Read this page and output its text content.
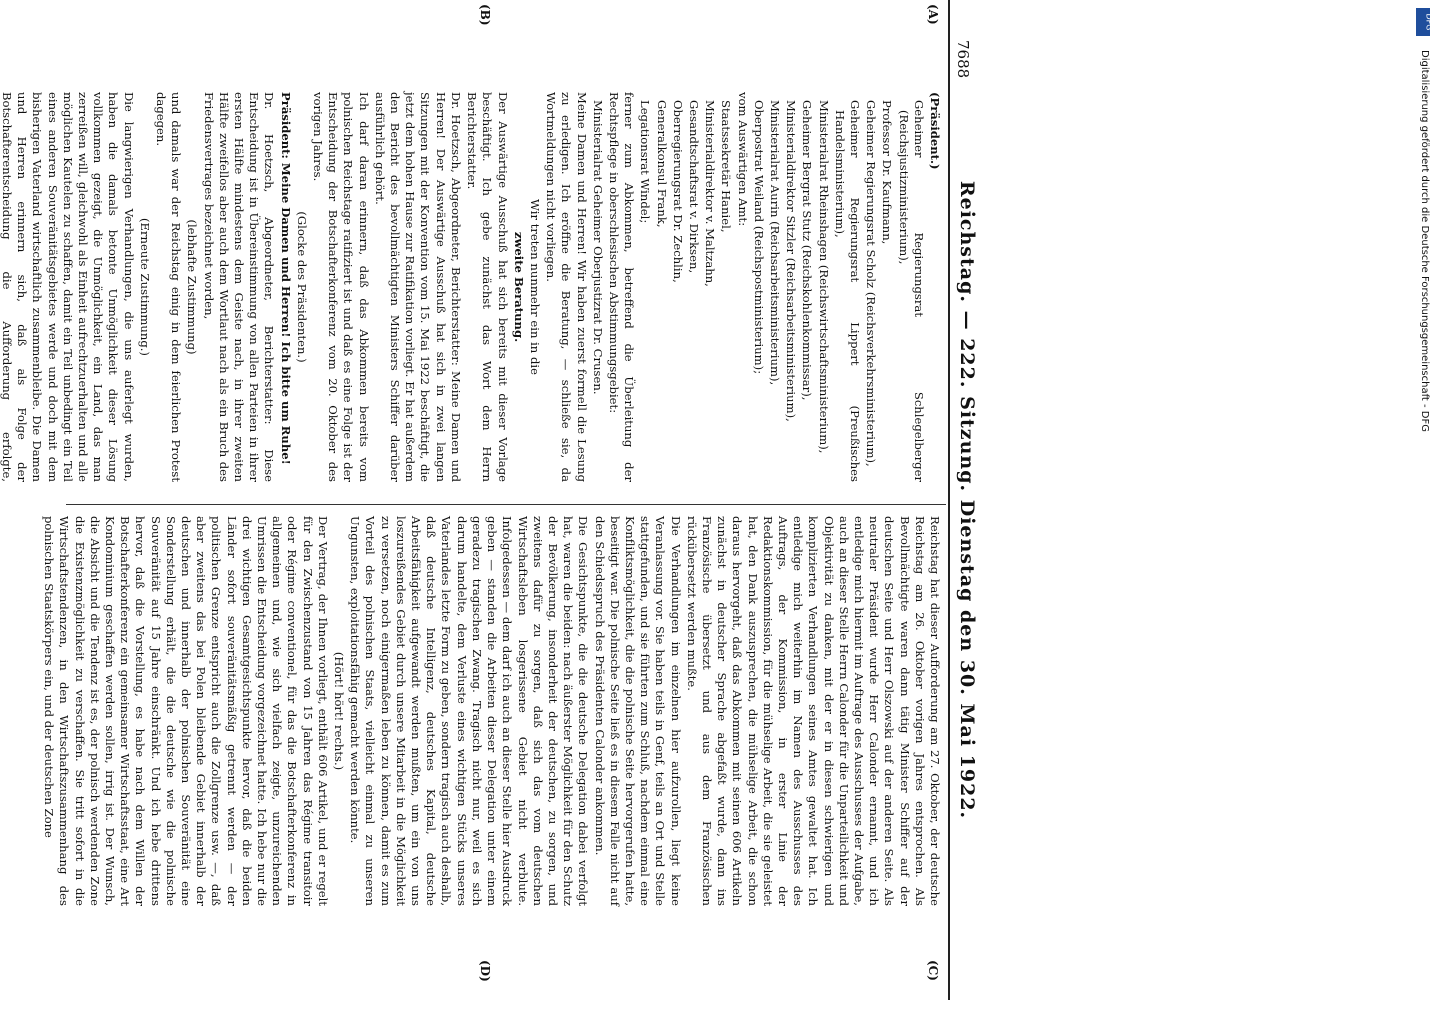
7688
Reichstag. — 222. Sitzung. Dienstag den 30. Mai 1922.
(A)
(B)
(C)
(D)

(Präsident.)

Geheimer Regierungsrat Schlegelberger (Reichsjustizministerium),

Professor Dr. Kaufmann,

Geheimer Regierungsrat Scholz (Reichsverkehrsministerium),

Geheimer Regierungsrat Lippert (Preußisches Handelsministerium),

Ministerialrat Rheinshagen (Reichswirtschaftsministerium),

Geheimer Bergrat Stutz (Reichskohlenkommissar),

Ministerialdirektor Sitzler (Reichsarbeitsministerium),

Ministerialrat Aurin (Reichsarbeitsministerium),

Oberpostrat Weiland (Reichspostministerium);

vom Auswärtigen Amt:

Staatssekretär Haniel,

Ministerialdirektor v. Maltzahn,

Gesandtschaftsrat v. Dirksen,

Oberregierungsrat Dr. Zechlin,

Generalkonsul Frank,

Legationsrat Windel;

ferner zum Abkommen, betreffend die Überleitung der Rechtspflege in oberschlesischen Abstimmungsgebiet:

Ministerialrat Geheimer Oberjustizrat Dr. Crusen.

Meine Damen und Herren! Wir haben zuerst formell die Lesung zu erledigen. Ich eröffne die Beratung, — schließe sie, da Wortmeldungen nicht vorliegen.

Wir treten nunmehr ein in die

zweite Beratung.

Der Auswärtige Ausschuß hat sich bereits mit dieser Vorlage beschäftigt. Ich gebe zunächst das Wort dem Herrn Berichterstatter.

Dr. Hoetzsch, Abgeordneter, Berichterstatter: Meine Damen und Herren! Der Auswärtige Ausschuß hat sich in zwei langen Sitzungen mit der Konvention vom 15. Mai 1922 beschäftigt, die jetzt dem hohen Hause zur Ratifikation vorliegt. Er hat außerdem den Bericht des bevollmächtigten Ministers Schiffer darüber ausführlich gehört.

Ich darf daran erinnern, daß das Abkommen bereits vom polnischen Reichstage ratifiziert ist und daß es eine Folge ist der Entscheidung der Botschafterkonferenz vom 20. Oktober des vorigen Jahres.

(Glocke des Präsidenten.)

Präsident: Meine Damen und Herren! Ich bitte um Ruhe!

Dr. Hoetzsch, Abgeordneter, Berichterstatter: Diese Entscheidung ist in Übereinstimmung von allen Parteien in ihrer ersten Hälfte mindestens dem Geiste nach, in ihrer zweiten Hälfte zweifellos aber auch dem Wortlaut nach als ein Bruch des Friedensvertrages bezeichnet worden,

(lebhafte Zustimmung)

und damals war der Reichstag einig in dem feierlichen Protest dagegen.

(Erneute Zustimmung.)

Die langwierigen Verhandlungen, die uns auferlegt wurden, haben die damals betonte Unmöglichkeit dieser Lösung vollkommen gezeigt, die Unmöglichkeit, ein Land, das man zerreißen will, gleichwohl als Einheit aufrechtzuerhalten und alle möglichen Kautelen zu schaffen, damit ein Teil unbedingt ein Teil eines anderen Souveränitätsgebietes werde und doch mit dem bisherigen Vaterland wirtschaftlich zusammenbleibe. Die Damen und Herren erinnern sich, daß als Folge der Botschafterentscheidung die Aufforderung erfolgte,

Reichstag hat dieser Aufforderung am 27. Oktober, der deutsche Reichstag am 26. Oktober vorigen Jahres entsprochen. Als Bevollmächtigte waren dann tätig Minister Schiffer auf der deutschen Seite und Herr Olszowski auf der anderen Seite. Als neutraler Präsident wurde Herr Calonder ernannt, und ich entledige mich hiermit im Auftrage des Ausschusses der Aufgabe, auch an dieser Stelle Herrn Calonder für die Unparteilichkeit und Objektivität zu danken, mit der er in diesen schwierigen und komplizierten Verhandlungen seines Amtes gewaltet hat. Ich entledige mich weiterhin im Namen des Ausschusses des Auftrags, der Kommission, in erster Linie der Redaktionskommission, für die mühselige Arbeit, die sie geleistet hat, den Dank auszusprechen, die mühselige Arbeit, die schon daraus hervorgeht, daß das Abkommen mit seinen 606 Artikeln zunächst in deutscher Sprache abgefaßt wurde, dann ins Französische übersetzt und aus dem Französischen rückübersetzt werden mußte.

Die Verhandlungen im einzelnen hier aufzurollen, liegt keine Veranlassung vor. Sie haben teils in Genf, teils an Ort und Stelle stattgefunden, und sie führten zum Schluß, nachdem einmal eine Konfliktsmöglichkeit, die die polnische Seite hervorgerufen hatte, beseitigt war. Die polnische Seite ließ es in diesem Falle nicht auf den Schiedsspruch des Präsidenten Calonder ankommen.

Die Gesichtspunkte, die die deutsche Delegation dabei verfolgt hat, waren die beiden: nach äußerster Möglichkeit für den Schutz der Bevölkerung, insonderheit der deutschen, zu sorgen, und zweitens dafür zu sorgen, daß sich das vom deutschen Wirtschaftsleben losgerissene Gebiet nicht verblute. Infolgedessen — dem darf ich auch an dieser Stelle hier Ausdruck geben — standen die Arbeiten dieser Delegation unter einem geradezu tragischen Zwang. Tragisch nicht nur, weil es sich darum handelte, dem Verluste eines wichtigen Stücks unseres Vaterlandes letzte Form zu geben, sondern tragisch auch deshalb, daß deutsche Intelligenz, deutsches Kapital, deutsche Arbeitsfähigkeit aufgewandt werden mußten, um ein von uns loszureißendes Gebiet durch unsere Mitarbeit in die Möglichkeit zu versetzen, noch einigermaßen leben zu können, damit es zum Vorteil des polnischen Staats, vielleicht einmal zu unseren Ungunsten, exploitationsfähig gemacht werden könnte.

(Hört! hört! rechts.)

Der Vertrag, der Ihnen vorliegt, enthält 606 Artikel, und er regelt für den Zwischenzustand von 15 Jahren das Régime transitoir oder Régime conventionel, für das die Botschafterkonferenz in allgemeinen und, wie sich vielfach zeigte, unzureichenden Umrissen die Entscheidung vorgezeichnet hatte. Ich hebe nur die drei wichtigen Gesamtgesichtspunkte hervor, daß die beiden Länder sofort souveränitätsmäßig getrennt werden — der politischen Grenze entspricht auch die Zollgrenze usw. —, daß aber zweitens das bei Polen bleibende Gebiet innerhalb der deutschen und innerhalb der polnischen Souveränität eine Sonderstellung erhält, die die deutsche wie die polnische Souveränität auf 15 Jahre einschränkt. Und ich hebe drittens hervor, daß die Vorstellung, es habe nach dem Willen der Botschafterkonferenz ein gemeinsamer Wirtschaftsstaat, eine Art Kondominium geschaffen werden sollen, irrig ist. Der Wunsch, die Absicht und die Tendenz ist es, der polnisch werdenden Zone die Existenzmöglichkeit zu verschaffen. Sie tritt sofort in die Wirtschaftstendenzen, in den Wirtschaftszusammenhang des polnischen Staatskörpers ein, und der deutschen Zone

DFG
Digitalisierung gefördert durch die Deutsche Forschungsgemeinschaft - DFG
